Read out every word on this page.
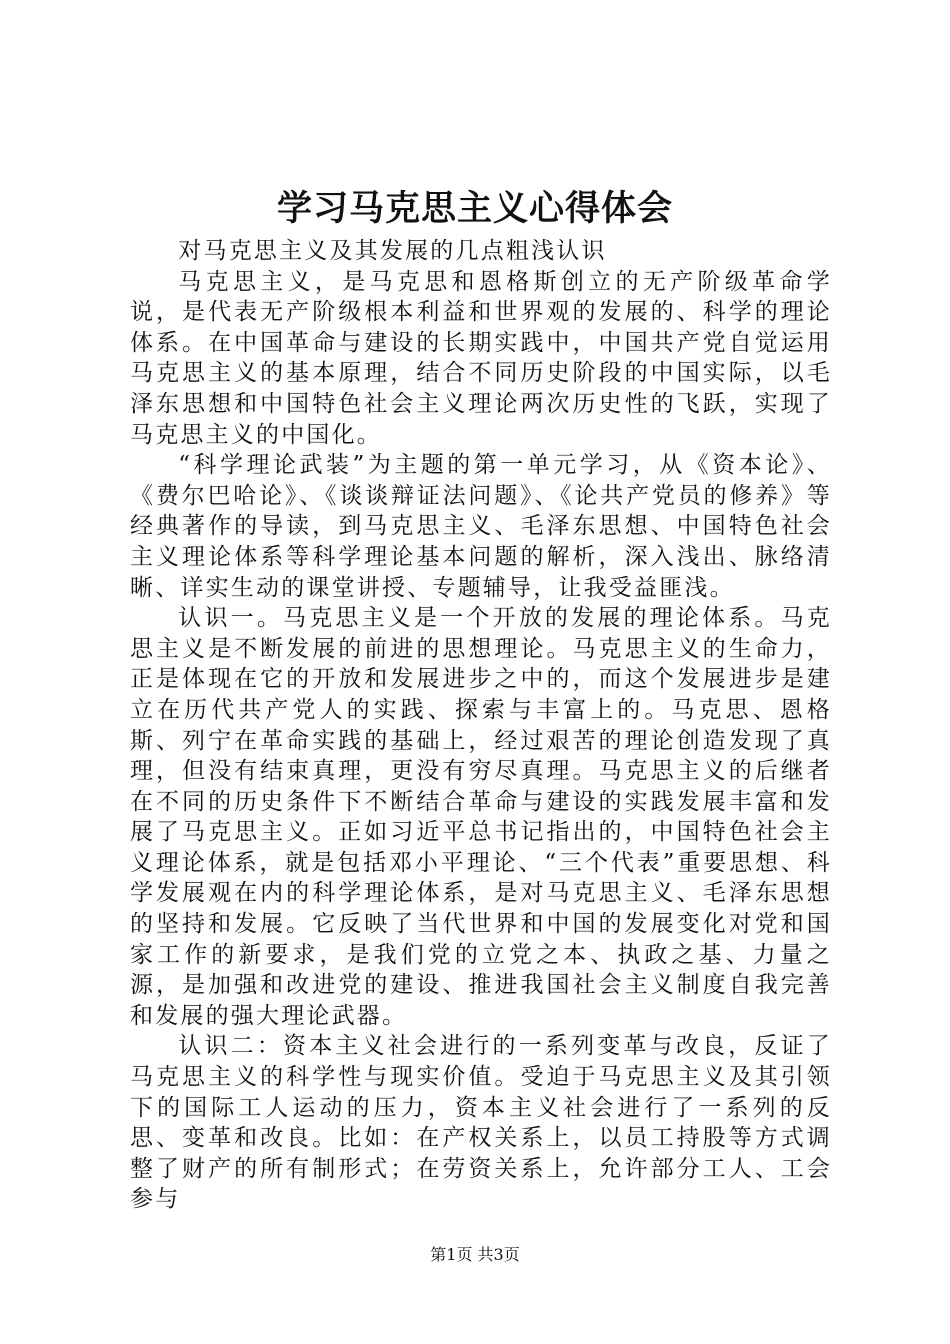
学习马克思主义心得体会

对马克思主义及其发展的几点粗浅认识

马克思主义，是马克思和恩格斯创立的无产阶级革命学说，是代表无产阶级根本利益和世界观的发展的、科学的理论体系。在中国革命与建设的长期实践中，中国共产党自觉运用马克思主义的基本原理，结合不同历史阶段的中国实际，以毛泽东思想和中国特色社会主义理论两次历史性的飞跃，实现了马克思主义的中国化。

“科学理论武装”为主题的第一单元学习，从《资本论》、《费尔巴哈论》、《谈谈辩证法问题》、《论共产党员的修养》等经典著作的导读，到马克思主义、毛泽东思想、中国特色社会主义理论体系等科学理论基本问题的解析，深入浅出、脉络清晰、详实生动的课堂讲授、专题辅导，让我受益匪浅。

认识一。马克思主义是一个开放的发展的理论体系。马克思主义是不断发展的前进的思想理论。马克思主义的生命力，正是体现在它的开放和发展进步之中的，而这个发展进步是建立在历代共产党人的实践、探索与丰富上的。马克思、恩格斯、列宁在革命实践的基础上，经过艰苦的理论创造发现了真理，但没有结束真理，更没有穷尽真理。马克思主义的后继者在不同的历史条件下不断结合革命与建设的实践发展丰富和发展了马克思主义。正如习近平总书记指出的，中国特色社会主义理论体系，就是包括邓小平理论、“三个代表”重要思想、科学发展观在内的科学理论体系，是对马克思主义、毛泽东思想的坚持和发展。它反映了当代世界和中国的发展变化对党和国家工作的新要求，是我们党的立党之本、执政之基、力量之源，是加强和改进党的建设、推进我国社会主义制度自我完善和发展的强大理论武器。

认识二：资本主义社会进行的一系列变革与改良，反证了马克思主义的科学性与现实价值。受迫于马克思主义及其引领下的国际工人运动的压力，资本主义社会进行了一系列的反思、变革和改良。比如：在产权关系上，以员工持股等方式调整了财产的所有制形式；在劳资关系上，允许部分工人、工会参与

第1页 共3页
